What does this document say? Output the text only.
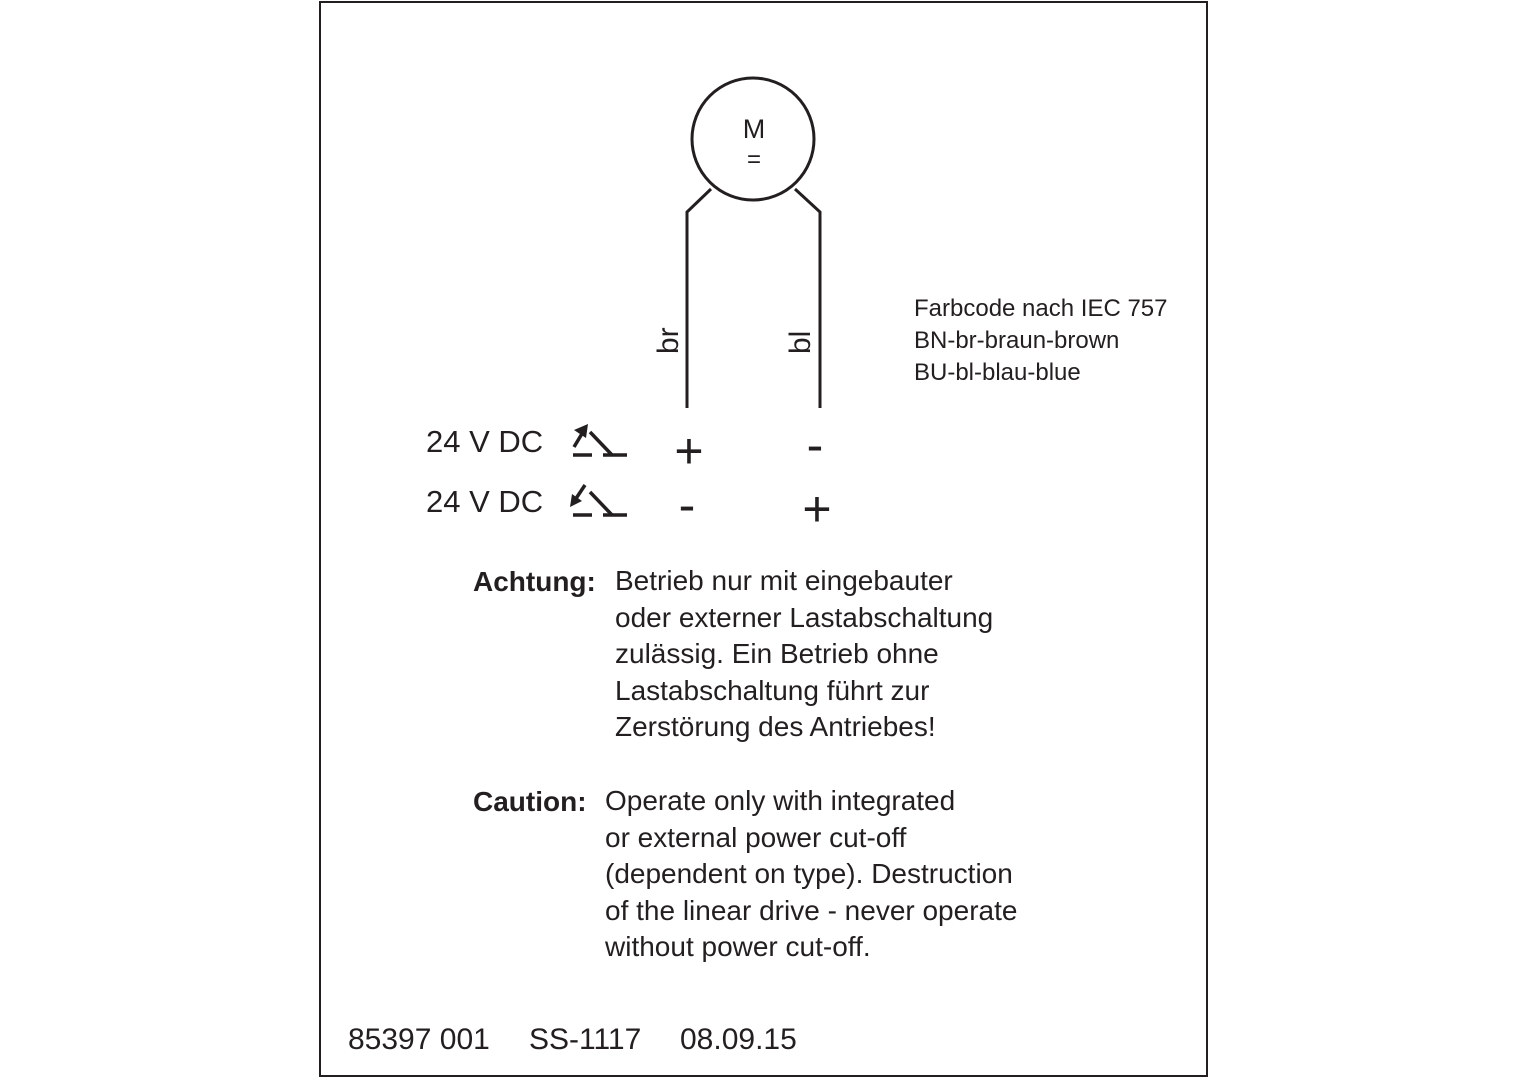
M
=
br	bl
Farbcode nach IEC 757
BN-br-braun-brown
BU-bl-blau-blue
24 V DC
24 V DC
+ -
- +
Achtung: Betrieb nur mit eingebauter
oder externer Lastabschaltung
zulässig. Ein Betrieb ohne
Lastabschaltung führt zur
Zerstörung des Antriebes!
Caution: Operate only with integrated
or external power cut-off
(dependent on type). Destruction
of the linear drive - never operate
without power cut-off.
85397 001 SS-1117 08.09.15
